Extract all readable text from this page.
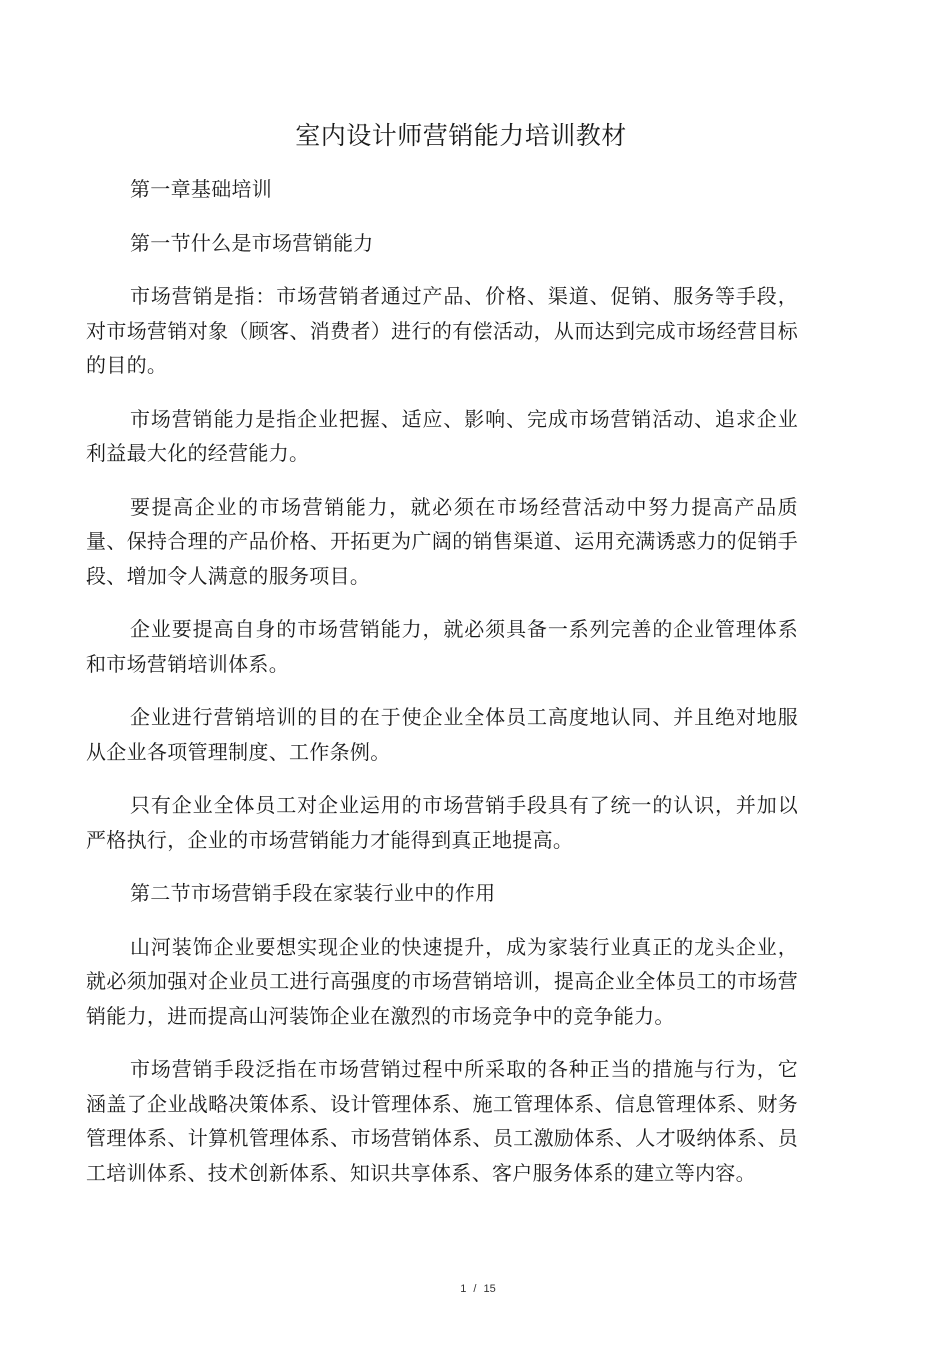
室内设计师营销能力培训教材

第一章基础培训

第一节什么是市场营销能力

市场营销是指：市场营销者通过产品、价格、渠道、促销、服务等手段，对市场营销对象（顾客、消费者）进行的有偿活动，从而达到完成市场经营目标的目的。

市场营销能力是指企业把握、适应、影响、完成市场营销活动、追求企业利益最大化的经营能力。

要提高企业的市场营销能力，就必须在市场经营活动中努力提高产品质量、保持合理的产品价格、开拓更为广阔的销售渠道、运用充满诱惑力的促销手段、增加令人满意的服务项目。

企业要提高自身的市场营销能力，就必须具备一系列完善的企业管理体系和市场营销培训体系。

企业进行营销培训的目的在于使企业全体员工高度地认同、并且绝对地服从企业各项管理制度、工作条例。

只有企业全体员工对企业运用的市场营销手段具有了统一的认识，并加以严格执行，企业的市场营销能力才能得到真正地提高。

第二节市场营销手段在家装行业中的作用

山河装饰企业要想实现企业的快速提升，成为家装行业真正的龙头企业，就必须加强对企业员工进行高强度的市场营销培训，提高企业全体员工的市场营销能力，进而提高山河装饰企业在激烈的市场竞争中的竞争能力。

市场营销手段泛指在市场营销过程中所采取的各种正当的措施与行为，它涵盖了企业战略决策体系、设计管理体系、施工管理体系、信息管理体系、财务管理体系、计算机管理体系、市场营销体系、员工激励体系、人才吸纳体系、员工培训体系、技术创新体系、知识共享体系、客户服务体系的建立等内容。

1 / 15
